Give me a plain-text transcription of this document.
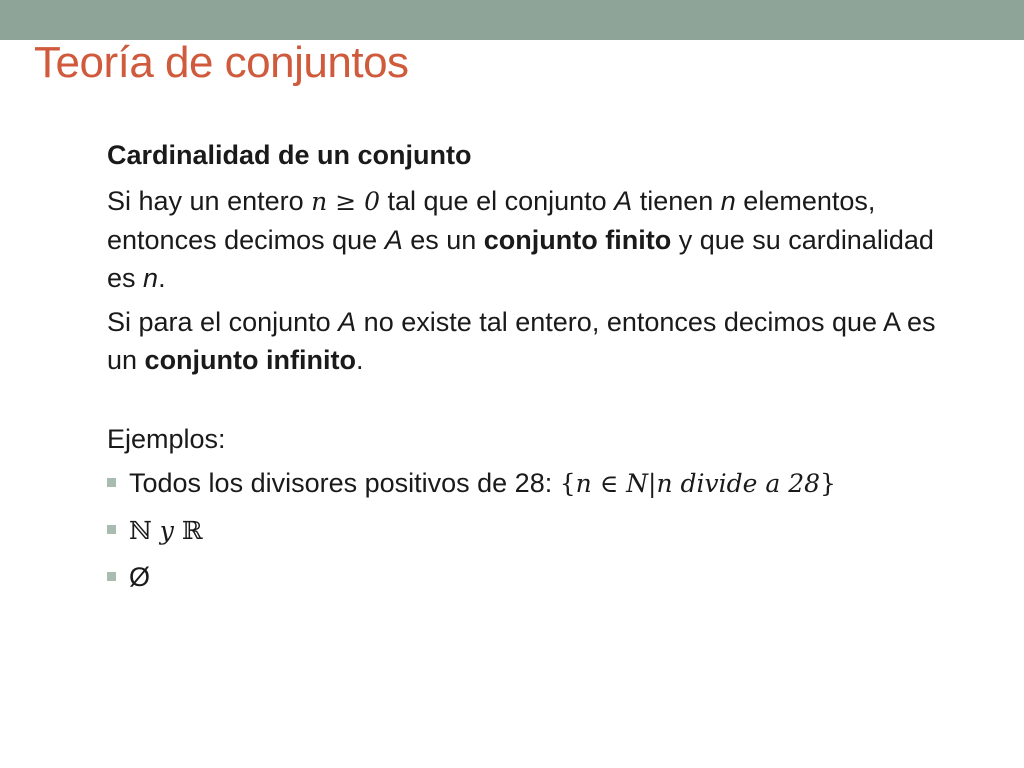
Teoría de conjuntos

Cardinalidad de un conjunto

Si hay un entero n ≥ 0 tal que el conjunto A tienen n elementos, entonces decimos que A es un conjunto finito y que su cardinalidad es n.

Si para el conjunto A no existe tal entero, entonces decimos que A es un conjunto infinito.

Ejemplos:

Todos los divisores positivos de 28: {n ∈ N|n divide a 28}
ℕ y ℝ
Ø
